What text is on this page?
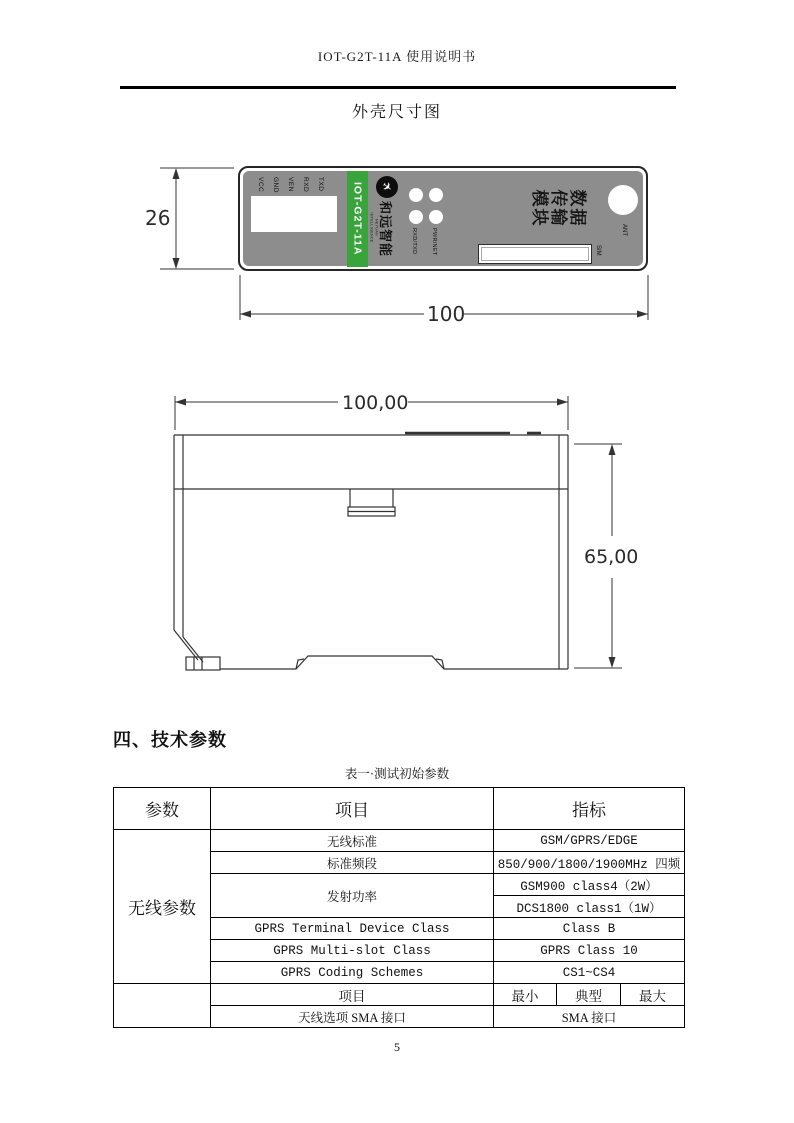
IOT-G2T-11A 使用说明书
外壳尺寸图
26
100
VCC GND VEN RXD TXD	IOT-G2T-11A ✈
和远智能
HEYUAN INTELLIGENCE	RXD/TXD	PWR/NET
数据
传输
模块
ANT
SIM
100,00
65,00
四、技术参数
表一·测试初始参数
参数	项目	指标		
无线参数	无线标准	GSM/GPRS/EDGE		
	标准频段	850/900/1800/1900MHz 四频		
	发射功率	GSM900 class4（2W）		
		DCS1800 class1（1W）		
	GPRS Terminal Device Class	Class B		
	GPRS Multi-slot Class	GPRS Class 10		
	GPRS Coding Schemes	CS1~CS4		
	项目	最小	典型	最大
	天线选项 SMA 接口	SMA 接口		
5
